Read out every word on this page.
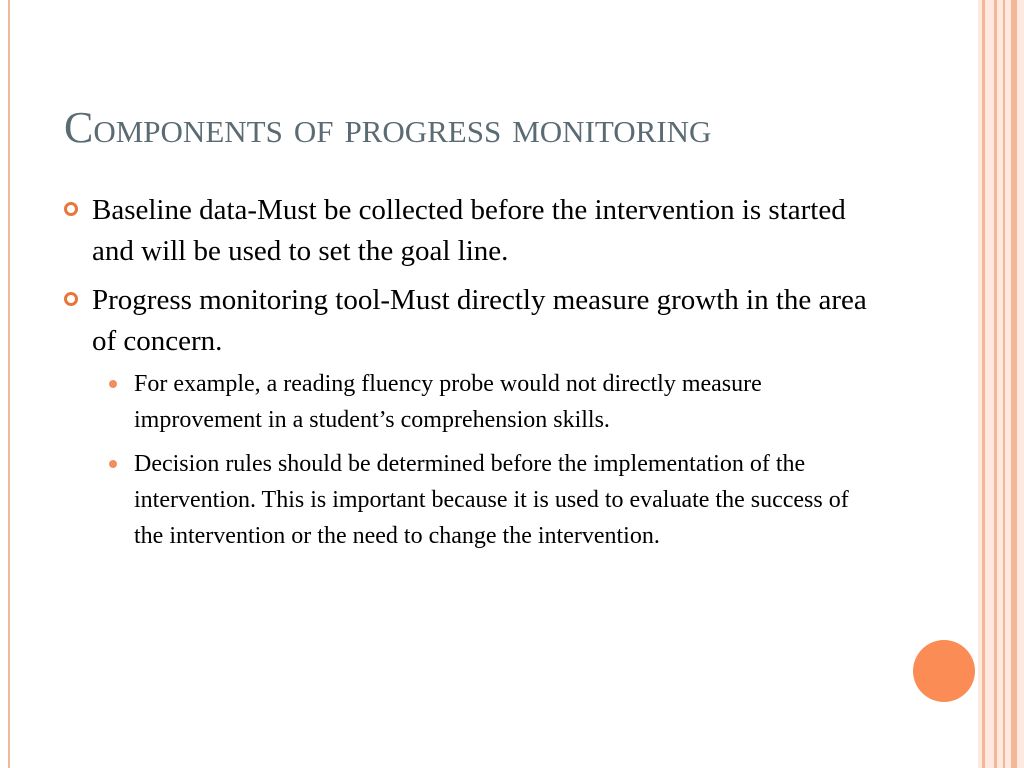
Components of progress monitoring
Baseline data-Must be collected before the intervention is started and will be used to set the goal line.
Progress monitoring tool-Must directly measure growth in the area of concern.
For example, a reading fluency probe would not directly measure improvement in a student’s comprehension skills.
Decision rules should be determined before the implementation of the intervention. This is important because it is used to evaluate the success of the intervention or the need to change the intervention.
